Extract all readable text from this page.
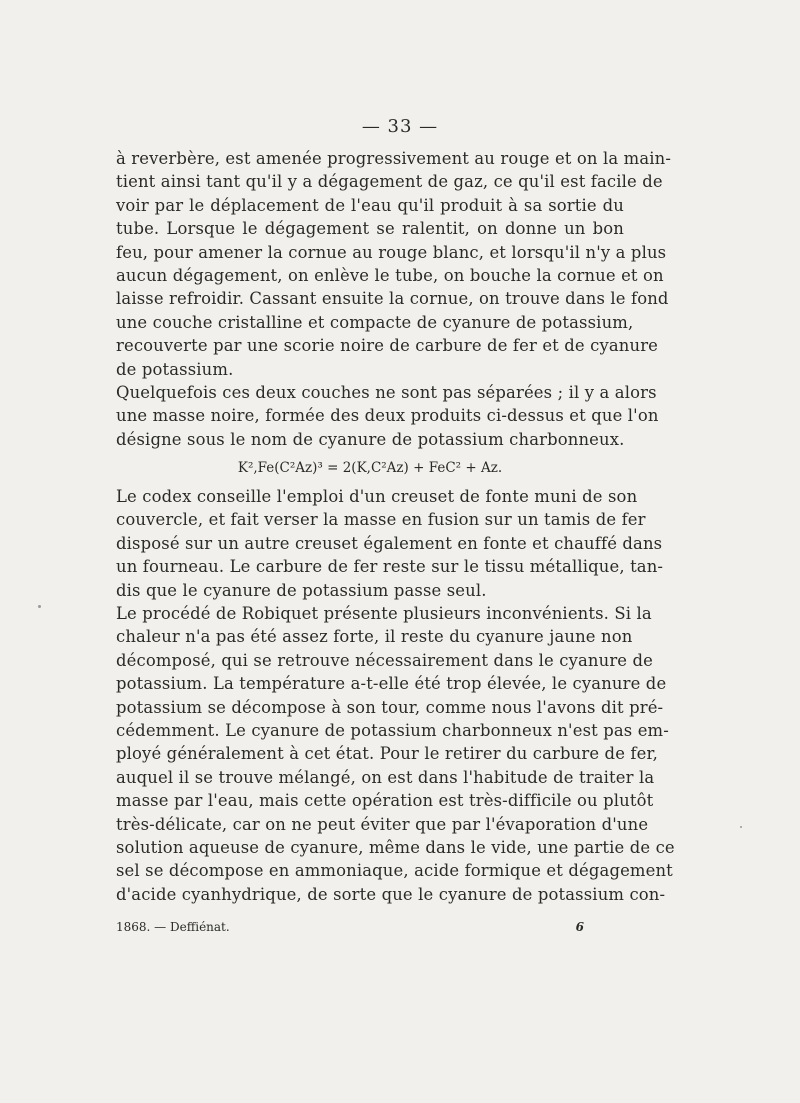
— 33 —
à reverbère, est amenée progressivement au rouge et on la main-
tient ainsi tant qu'il y a dégagement de gaz, ce qu'il est facile de
voir par le déplacement de l'eau qu'il produit à sa sortie du
tube. Lorsque le dégagement se ralentit, on donne un bon
feu, pour amener la cornue au rouge blanc, et lorsqu'il n'y a plus
aucun dégagement, on enlève le tube, on bouche la cornue et on
laisse refroidir. Cassant ensuite la cornue, on trouve dans le fond
une couche cristalline et compacte de cyanure de potassium,
recouverte par une scorie noire de carbure de fer et de cyanure
de potassium.
Quelquefois ces deux couches ne sont pas séparées ; il y a alors
une masse noire, formée des deux produits ci-dessus et que l'on
désigne sous le nom de cyanure de potassium charbonneux.
K²,Fe(C²Az)³ = 2(K,C²Az) + FeC² + Az.
Le codex conseille l'emploi d'un creuset de fonte muni de son
couvercle, et fait verser la masse en fusion sur un tamis de fer
disposé sur un autre creuset également en fonte et chauffé dans
un fourneau. Le carbure de fer reste sur le tissu métallique, tan-
dis que le cyanure de potassium passe seul.
Le procédé de Robiquet présente plusieurs inconvénients. Si la
chaleur n'a pas été assez forte, il reste du cyanure jaune non
décomposé, qui se retrouve nécessairement dans le cyanure de
potassium. La température a-t-elle été trop élevée, le cyanure de
potassium se décompose à son tour, comme nous l'avons dit pré-
cédemment. Le cyanure de potassium charbonneux n'est pas em-
ployé généralement à cet état. Pour le retirer du carbure de fer,
auquel il se trouve mélangé, on est dans l'habitude de traiter la
masse par l'eau, mais cette opération est très-difficile ou plutôt
très-délicate, car on ne peut éviter que par l'évaporation d'une
solution aqueuse de cyanure, même dans le vide, une partie de ce
sel se décompose en ammoniaque, acide formique et dégagement
d'acide cyanhydrique, de sorte que le cyanure de potassium con-
1868. — Deffiénat.	6
